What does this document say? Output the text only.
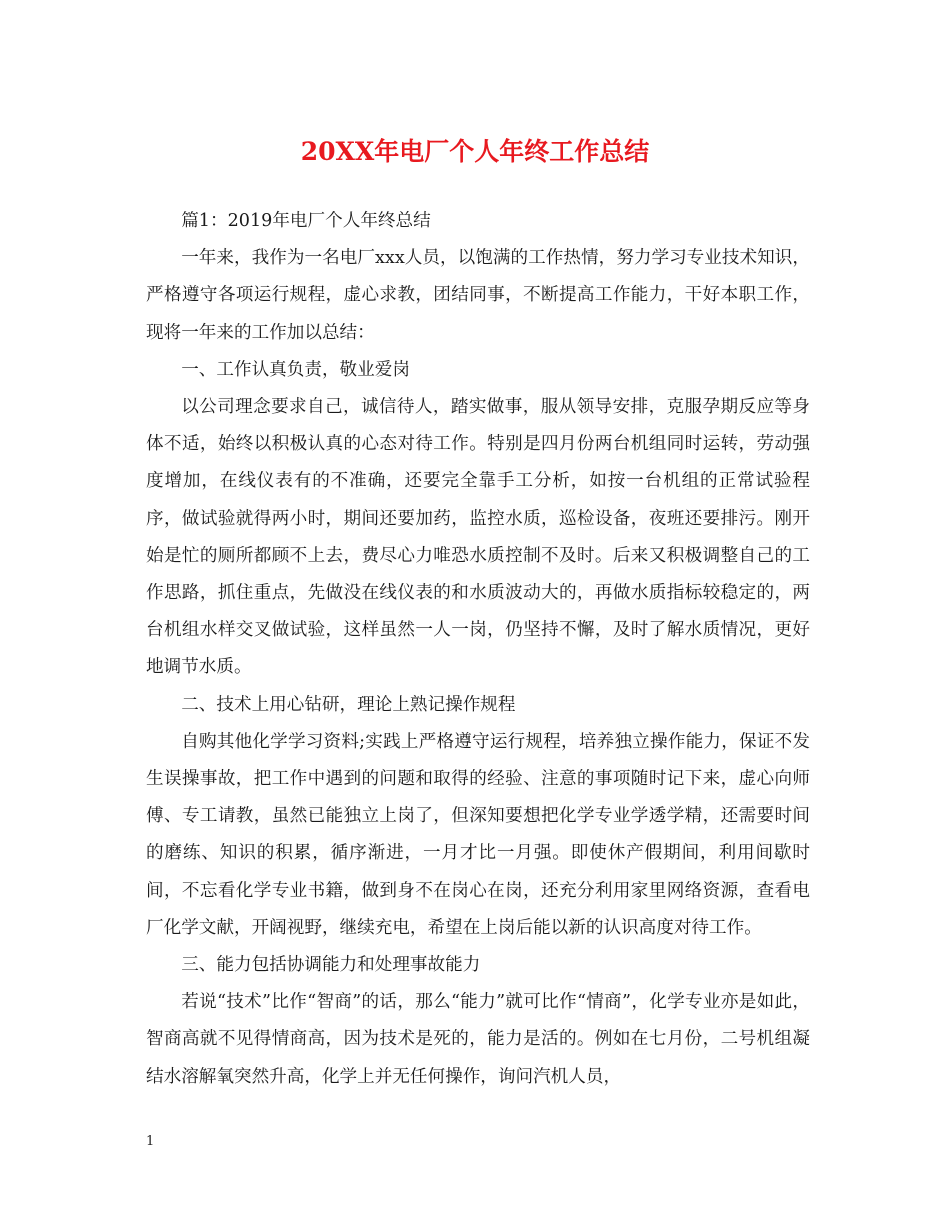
20XX年电厂个人年终工作总结

篇1：2019年电厂个人年终总结

一年来，我作为一名电厂xxx人员，以饱满的工作热情，努力学习专业技术知识，严格遵守各项运行规程，虚心求教，团结同事，不断提高工作能力，干好本职工作，现将一年来的工作加以总结：

一、工作认真负责，敬业爱岗

以公司理念要求自己，诚信待人，踏实做事，服从领导安排，克服孕期反应等身体不适，始终以积极认真的心态对待工作。特别是四月份两台机组同时运转，劳动强度增加，在线仪表有的不准确，还要完全靠手工分析，如按一台机组的正常试验程序，做试验就得两小时，期间还要加药，监控水质，巡检设备，夜班还要排污。刚开始是忙的厕所都顾不上去，费尽心力唯恐水质控制不及时。后来又积极调整自己的工作思路，抓住重点，先做没在线仪表的和水质波动大的，再做水质指标较稳定的，两台机组水样交叉做试验，这样虽然一人一岗，仍坚持不懈，及时了解水质情况，更好地调节水质。

二、技术上用心钻研，理论上熟记操作规程

自购其他化学学习资料;实践上严格遵守运行规程，培养独立操作能力，保证不发生误操事故，把工作中遇到的问题和取得的经验、注意的事项随时记下来，虚心向师傅、专工请教，虽然已能独立上岗了，但深知要想把化学专业学透学精，还需要时间的磨练、知识的积累，循序渐进，一月才比一月强。即使休产假期间，利用间歇时间，不忘看化学专业书籍，做到身不在岗心在岗，还充分利用家里网络资源，查看电厂化学文献，开阔视野，继续充电，希望在上岗后能以新的认识高度对待工作。

三、能力包括协调能力和处理事故能力

若说“技术”比作“智商”的话，那么“能力”就可比作“情商”，化学专业亦是如此，智商高就不见得情商高，因为技术是死的，能力是活的。例如在七月份，二号机组凝结水溶解氧突然升高，化学上并无任何操作，询问汽机人员，

1
